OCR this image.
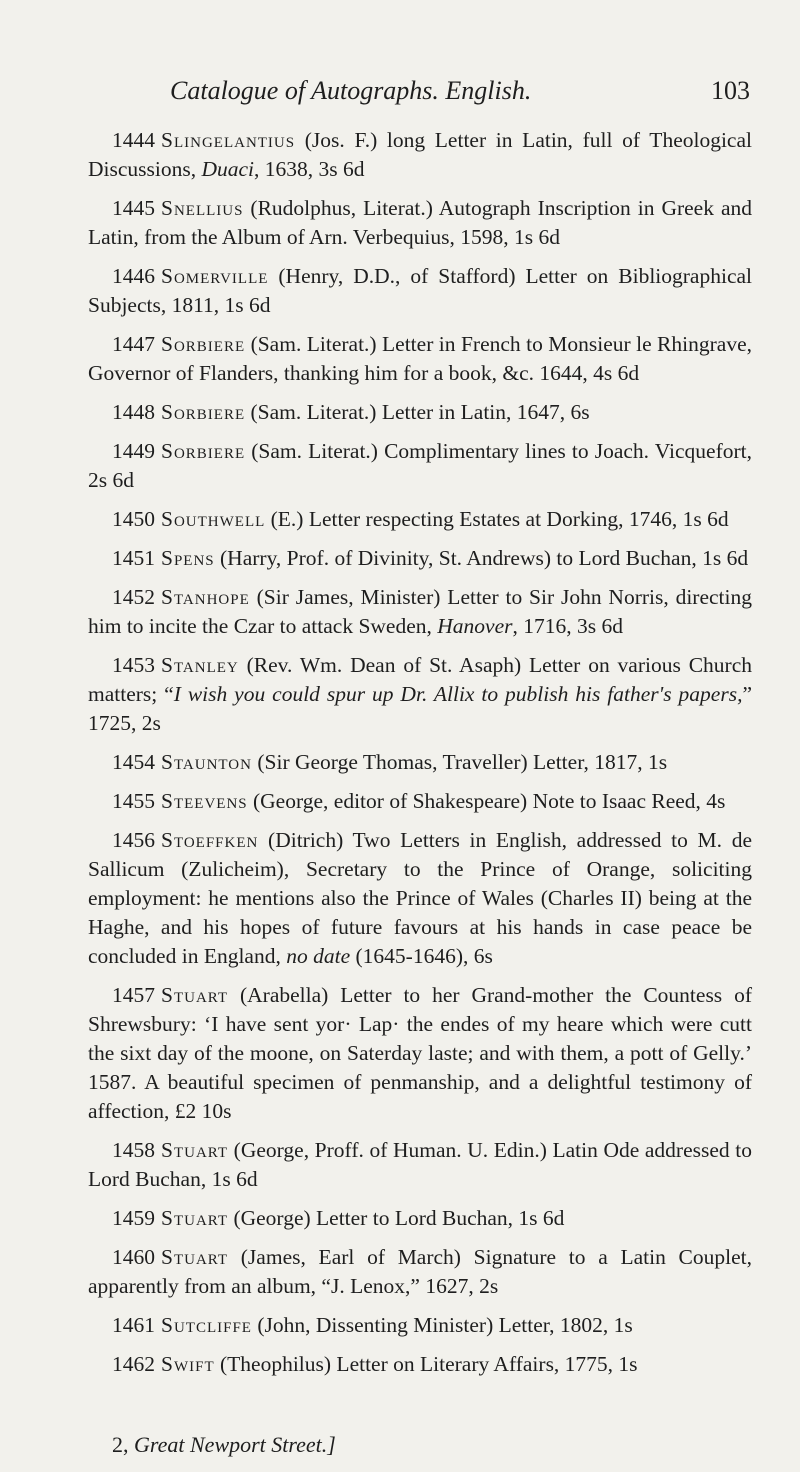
Catalogue of Autographs. English.	103
1444 Slingelantius (Jos. F.) long Letter in Latin, full of Theological Discussions, Duaci, 1638, 3s 6d
1445 Snellius (Rudolphus, Literat.) Autograph Inscription in Greek and Latin, from the Album of Arn. Verbequius, 1598, 1s 6d
1446 Somerville (Henry, D.D., of Stafford) Letter on Bibliographical Subjects, 1811, 1s 6d
1447 Sorbiere (Sam. Literat.) Letter in French to Monsieur le Rhingrave, Governor of Flanders, thanking him for a book, &c. 1644, 4s 6d
1448 Sorbiere (Sam. Literat.) Letter in Latin, 1647, 6s
1449 Sorbiere (Sam. Literat.) Complimentary lines to Joach. Vicquefort, 2s 6d
1450 Southwell (E.) Letter respecting Estates at Dorking, 1746, 1s 6d
1451 Spens (Harry, Prof. of Divinity, St. Andrews) to Lord Buchan, 1s 6d
1452 Stanhope (Sir James, Minister) Letter to Sir John Norris, directing him to incite the Czar to attack Sweden, Hanover, 1716, 3s 6d
1453 Stanley (Rev. Wm. Dean of St. Asaph) Letter on various Church matters; “I wish you could spur up Dr. Allix to publish his father's papers,” 1725, 2s
1454 Staunton (Sir George Thomas, Traveller) Letter, 1817, 1s
1455 Steevens (George, editor of Shakespeare) Note to Isaac Reed, 4s
1456 Stoeffken (Ditrich) Two Letters in English, addressed to M. de Sallicum (Zulicheim), Secretary to the Prince of Orange, soliciting employment: he mentions also the Prince of Wales (Charles II) being at the Haghe, and his hopes of future favours at his hands in case peace be concluded in England, no date (1645-1646), 6s
1457 Stuart (Arabella) Letter to her Grand-mother the Countess of Shrewsbury: ‘I have sent yor· Lap· the endes of my heare which were cutt the sixt day of the moone, on Saterday laste; and with them, a pott of Gelly.’ 1587. A beautiful specimen of penmanship, and a delightful testimony of affection, £2 10s
1458 Stuart (George, Proff. of Human. U. Edin.) Latin Ode addressed to Lord Buchan, 1s 6d
1459 Stuart (George) Letter to Lord Buchan, 1s 6d
1460 Stuart (James, Earl of March) Signature to a Latin Couplet, apparently from an album, “J. Lenox,” 1627, 2s
1461 Sutcliffe (John, Dissenting Minister) Letter, 1802, 1s
1462 Swift (Theophilus) Letter on Literary Affairs, 1775, 1s
2, Great Newport Street.]
